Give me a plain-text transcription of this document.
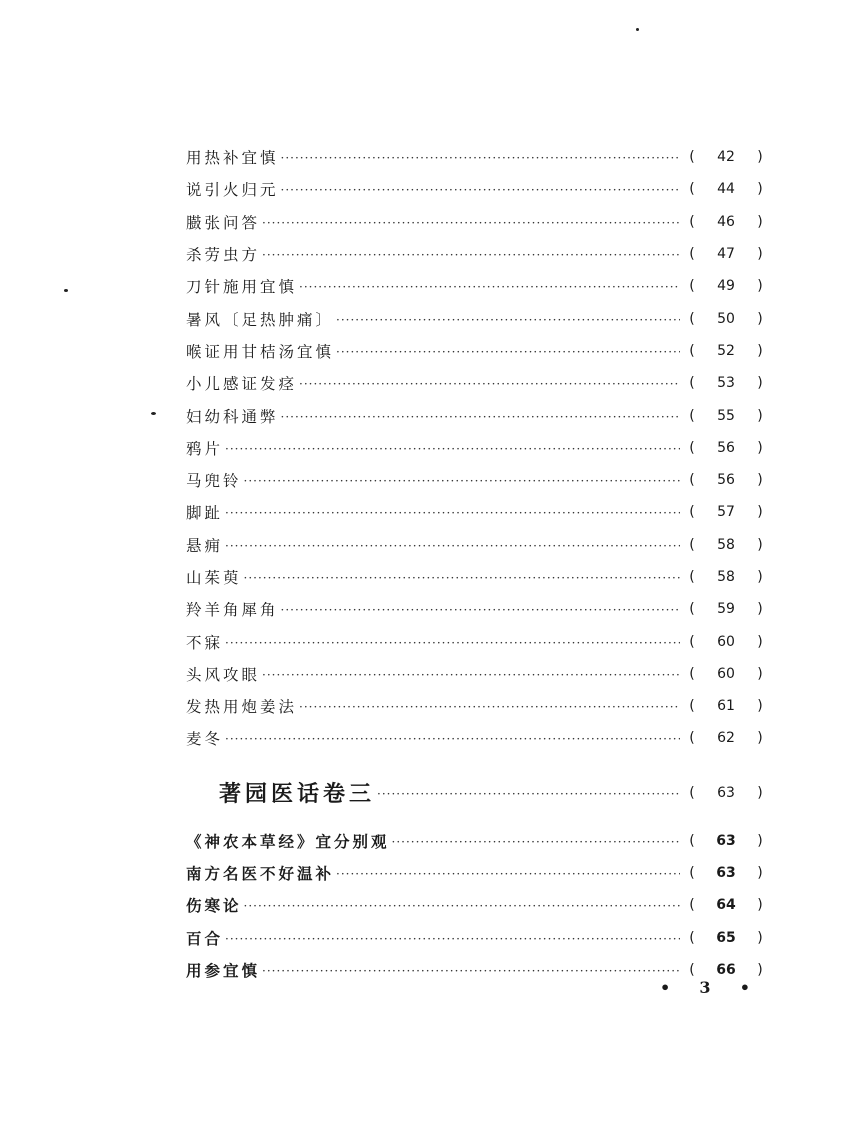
用热补宜慎 ·····	(	42	)
说引火归元 ·····	(	44	)
臌张问答 ·····	(	46	)
杀劳虫方 ·····	(	47	)
刀针施用宜慎 ·····	(	49	)
暑风〔足热肿痛〕 ·····	(	50	)
喉证用甘桔汤宜慎 ·····	(	52	)
小儿感证发痉 ·····	(	53	)
妇幼科通弊 ·····	(	55	)
鸦片 ·····	(	56	)
马兜铃 ·····	(	56	)
脚趾 ·····	(	57	)
悬痈 ·····	(	58	)
山茱萸 ·····	(	58	)
羚羊角犀角 ·····	(	59	)
不寐 ·····	(	60	)
头风攻眼 ·····	(	60	)
发热用炮姜法 ·····	(	61	)
麦冬 ·····	(	62	)
著园医话卷三 ·····	(	63	)
《神农本草经》宜分别观 ·····	(	63	)
南方名医不好温补 ·····	(	63	)
伤寒论 ·····	(	64	)
百合 ·····	(	65	)
用参宜慎 ·····	(	66	)
• 3 •
